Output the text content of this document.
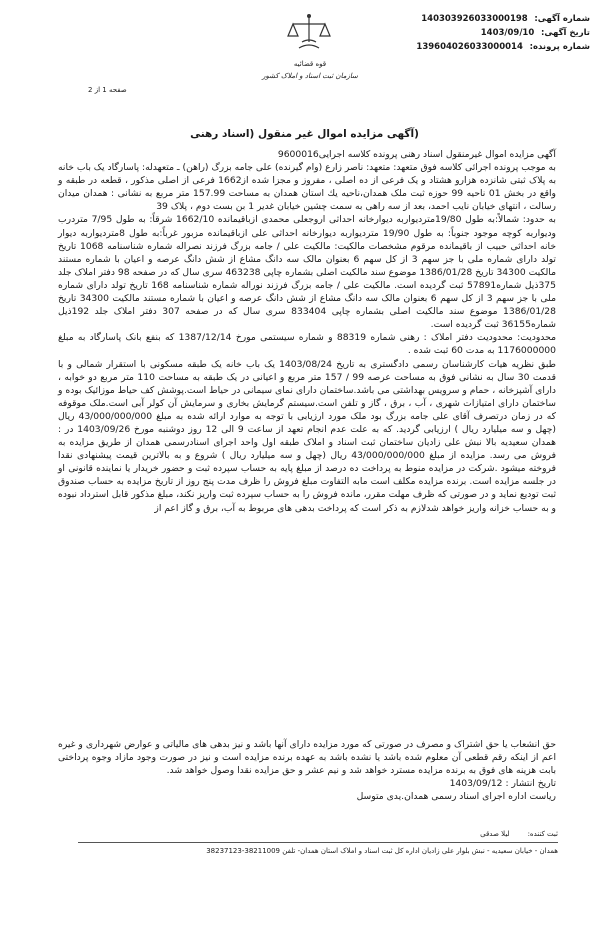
قوه قضائیه
سازمان ثبت اسناد و املاک کشور
شماره آگهی: 140303926033000198
تاریخ آگهی: 1403/09/10
شماره پرونده: 139604026033000014
صفحه 1 از 2
(آگهی مزایده اموال غیر منقول (اسناد رهنی

آگهی مزایده اموال غیرمنقول اسناد رهنی پرونده کلاسه اجرایی9600016

به موجب پرونده اجرائی کلاسه فوق متعهد: متعهد: ناصر زارع (وام گیرنده) علی جامه بزرگ (راهن) ـ متعهدله: پاسارگاد یک باب خانه به پلاک ثبتی شانزده هزارو هشتاد و یک فرعی از ده اصلی ، مفروز و مجزا شده از1662 فرعی از اصلی مذکور ، قطعه در طبقه و واقع در بخش 01 ناحیه 99 حوزه ثبت ملک همدان،ناحیه یك استان همدان به مساحت 157.99 متر مربع به نشانی : همدان میدان رسالت ، انتهای خیابان نایب احمد، بعد از سه راهی به سمت چشین خیابان غدیر 1 بن بست دوم ، پلاک 39

به حدود: شمالاً:به طول 19/80متردیواربه دیوارخانه احداثی اروجعلی محمدی ازباقیمانده 1662/10 شرقاً: به طول 7/95 متردرب ودیواربه کوچه موجود جنوباً: به طول 19/90 متردیواربه دیوارخانه احداثی علی ازباقیمانده مزبور غرباً:به طول 8متردیواربه دیوار خانه احداثی حبیب از باقیمانده مرقوم مشخصات مالکیت: مالکیت علی / جامه بزرگ فرزند نصراله شماره شناسنامه 1068 تاریخ تولد دارای شماره ملی با جز سهم 3 از کل سهم 6 بعنوان مالک سه دانگ مشاع از شش دانگ عرصه و اعیان با شماره مستند مالکیت 34300 تاریخ 1386/01/28 موضوع سند مالکیت اصلی بشماره چاپی 463238 سری سال که در صفحه 98 دفتر املاک جلد 375ذیل شماره57891 ثبت گردیده است. مالکیت علی / جامه بزرگ فرزند نوراله شماره شناسنامه 168 تاریخ تولد دارای شماره ملی با جز سهم 3 از کل سهم 6 بعنوان مالک سه دانگ مشاع از شش دانگ عرصه و اعیان با شماره مستند مالکیت 34300 تاریخ 1386/01/28 موضوع سند مالکیت اصلی بشماره چاپی 833404 سری سال که در صفحه 307 دفتر املاک جلد 192ذیل شماره36155 ثبت گردیده است.

محدودیت: محدودیت دفتر املاک : رهنی شماره 88319 و شماره سیستمی مورخ 1387/12/14 که بنفع بانک پاسارگاد به مبلغ 1176000000 به مدت 60 ثبت شده .

طبق نظریه هیات کارشناسان رسمی دادگستری به تاریخ 1403/08/24 یک باب خانه یک طبقه مسکونی با استقرار شمالی و با قدمت 30 سال به نشانی فوق به مساحت عرصه 99 / 157 متر مربع و اعیانی در یک طبقه به مساحت 110 متر مربع دو خوابه ، دارای آشپزخانه ، حمام و سرویس بهداشتی می باشد.ساختمان دارای نمای سیمانی در حیاط است.پوشش کف حیاط موزائیک بوده و ساختمان دارای امتیازات شهری ، آب ، برق ، گاز و تلفن است.سیستم گرمایش بخاری و سرمایش آن کولر آبی است.ملک موقوفه که در زمان درتصرف آقای علی جامه بزرگ بود ملک مورد ارزیابی با توجه به موارد ارائه شده به مبلغ 43/000/000/000 ریال (چهل و سه میلیارد ریال ) ارزیابی گردید. که به علت عدم انجام تعهد از ساعت 9 الی 12 روز دوشنبه مورخ 1403/09/26 در : همدان سعیدیه بالا نبش علی زادیان ساختمان ثبت اسناد و املاک طبقه اول واحد اجرای اسنادرسمی همدان از طریق مزایده به فروش می رسد. مزایده از مبلغ 43/000/000/000 ریال (چهل و سه میلیارد ریال ) شروع و به بالاترین قیمت پیشنهادی نقدا فروخته میشود .شرکت در مزایده منوط به پرداخت ده درصد از مبلغ پایه به حساب سپرده ثبت و حضور خریدار یا نماینده قانونی او در جلسه مزایده است. برنده مزایده مکلف است مابه التفاوت مبلغ فروش را ظرف مدت پنج روز از تاریخ مزایده به حساب صندوق ثبت تودیع نماید و در صورتی که ظرف مهلت مقرر، مانده فروش را به حساب سپرده ثبت واریز نکند، مبلغ مذکور قابل استرداد نبوده و به حساب خزانه واریز خواهد شدلازم به ذکر است که پرداخت بدهی های مربوط به آب، برق و گاز اعم از

حق انشعاب یا حق اشتراک و مصرف در صورتی که مورد مزایده دارای آنها باشد و نیز بدهی های مالیاتی و عوارض شهرداری و غیره اعم از اینکه رقم قطعی آن معلوم شده باشد یا نشده باشد به عهده برنده مزایده است و نیز در صورت وجود مازاد وجوه پرداختی بابت هزینه های فوق به برنده مزایده مسترد خواهد شد و نیم عشر و حق مزایده نقدا وصول خواهد شد.

تاریخ انتشار : 1403/09/12

ریاست اداره اجرای اسناد رسمی همدان.یدی متوسل

ثبت کننده:
لیلا صدقی
همدان - خیابان سعیدیه - نبش بلوار علی زادیان اداره کل ثبت اسناد و املاک استان همدان- تلفن 38211009-38237123
